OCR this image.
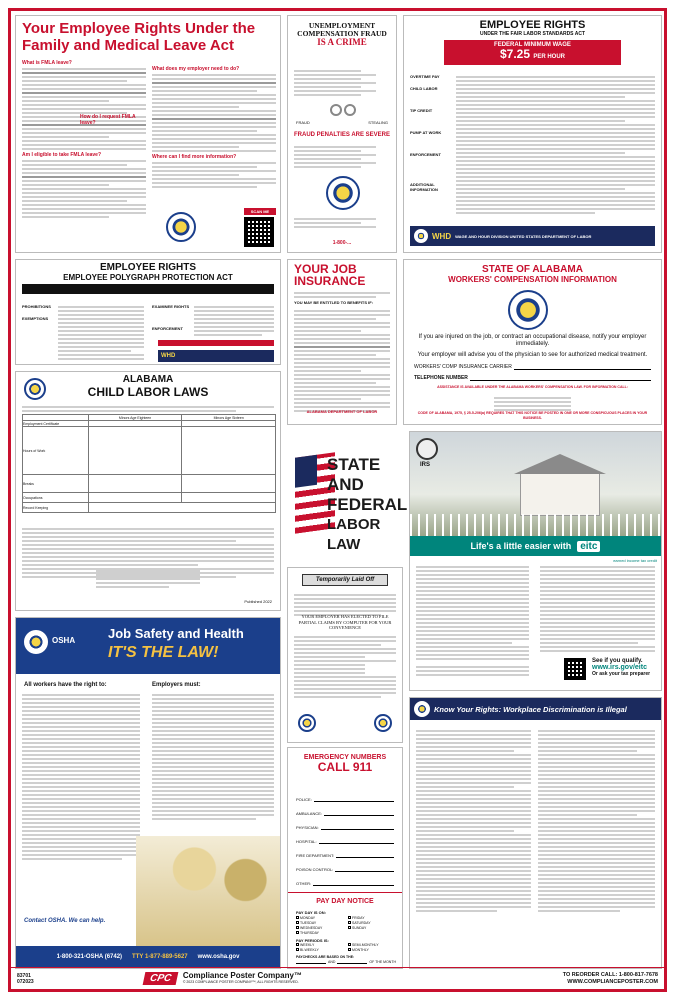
Your Employee Rights Under the Family and Medical Leave Act
What is FMLA leave?
Am I eligible to take FMLA leave?
How do I request FMLA leave?
What does my employer need to do?
Where can I find more information?
SCAN ME
UNEMPLOYMENT
COMPENSATION FRAUD
IS A CRIME
FRAUD	STEALING
FRAUD PENALTIES ARE SEVERE
1-800-...
EMPLOYEE RIGHTS
UNDER THE FAIR LABOR STANDARDS ACT
FEDERAL MINIMUM WAGE
$7.25 PER HOUR
OVERTIME PAY
CHILD LABOR
TIP CREDIT
PUMP AT WORK
ENFORCEMENT
ADDITIONAL INFORMATION
WHD WAGE AND HOUR DIVISION UNITED STATES DEPARTMENT OF LABOR
EMPLOYEE RIGHTS
EMPLOYEE POLYGRAPH PROTECTION ACT
PROHIBITIONS
EXEMPTIONS
EXAMINEE RIGHTS
ENFORCEMENT
WHD
YOUR JOB
INSURANCE
YOU MAY BE ENTITLED TO BENEFITS IF:
ALABAMA DEPARTMENT OF LABOR
STATE OF ALABAMA
WORKERS' COMPENSATION INFORMATION
If you are injured on the job, or contract an occupational disease, notify your employer immediately.
Your employer will advise you of the physician to see for authorized medical treatment.
WORKERS' COMP INSURANCE CARRIER
TELEPHONE NUMBER
ASSISTANCE IS AVAILABLE UNDER THE ALABAMA WORKERS' COMPENSATION LAW. FOR INFORMATION CALL:
CODE OF ALABAMA, 1975, § 25-5-206(a) REQUIRES THAT THIS NOTICE BE POSTED IN ONE OR MORE CONSPICUOUS PLACES IN YOUR BUSINESS.
ALABAMA
CHILD LABOR LAWS
	Minors Age Eighteen	Minors Age Sixteen
Employment Certificate		
Hours of Work		
Breaks		
Occupations		
Record Keeping		
Published 2022
STATE
AND
FEDERAL
LABOR LAW
IRS
Life's a little easier with eitc
earned income tax credit
See if you qualify.
www.irs.gov/eitc
Or ask your tax preparer
Temporarily Laid Off
YOUR EMPLOYER HAS ELECTED TO FILE PARTIAL CLAIMS BY COMPUTER FOR YOUR CONVENIENCE
OSHA	Job Safety and Health
IT'S THE LAW!
All workers have the right to:	Employers must:
Contact OSHA. We can help.
1-800-321-OSHA (6742) TTY 1-877-889-5627 www.osha.gov
EMERGENCY NUMBERS
CALL 911
POLICE:
AMBULANCE:
PHYSICIAN:
HOSPITAL:
FIRE DEPARTMENT:
POISON CONTROL:
OTHER:
PAY DAY NOTICE
PAY DAY IS ON:
MONDAY
TUESDAY
WEDNESDAY
THURSDAY
FRIDAY
SATURDAY
SUNDAY
PAY PERIODS IS:
WEEKLY
BI-WEEKLY
SEMI-MONTHLY
MONTHLY
PAYCHECKS ARE BASED ON THE:
AND	OF THE MONTH
Know Your Rights: Workplace Discrimination is Illegal
83701
072023	CPC	Compliance Poster Company™
© 2023 COMPLIANCE POSTER COMPANY™, ALL RIGHTS RESERVED.
TO REORDER CALL: 1-800-817-7678
WWW.COMPLIANCEPOSTER.COM
